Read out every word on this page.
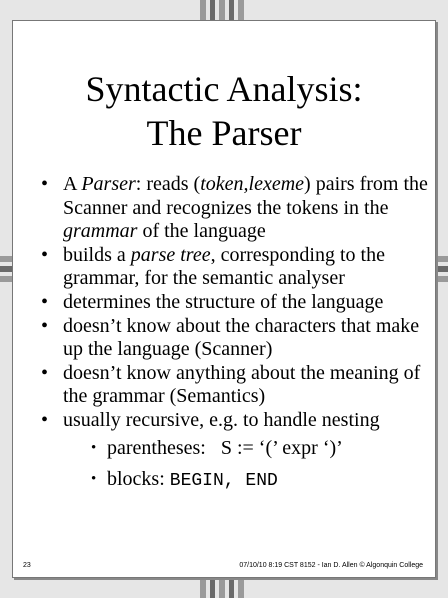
Syntactic Analysis:
The Parser
• A Parser: reads (token,lexeme) pairs from the Scanner and recognizes the tokens in the grammar of the language
• builds a parse tree, corresponding to the grammar, for the semantic analyser
• determines the structure of the language
• doesn’t know about the characters that make up the language (Scanner)
• doesn’t know anything about the meaning of the grammar (Semantics)
• usually recursive, e.g. to handle nesting
• parentheses:   S := ‘(’ expr ‘)’
• blocks: BEGIN, END
23	07/10/10 8:19 CST 8152 - Ian D. Allen © Algonquin College
